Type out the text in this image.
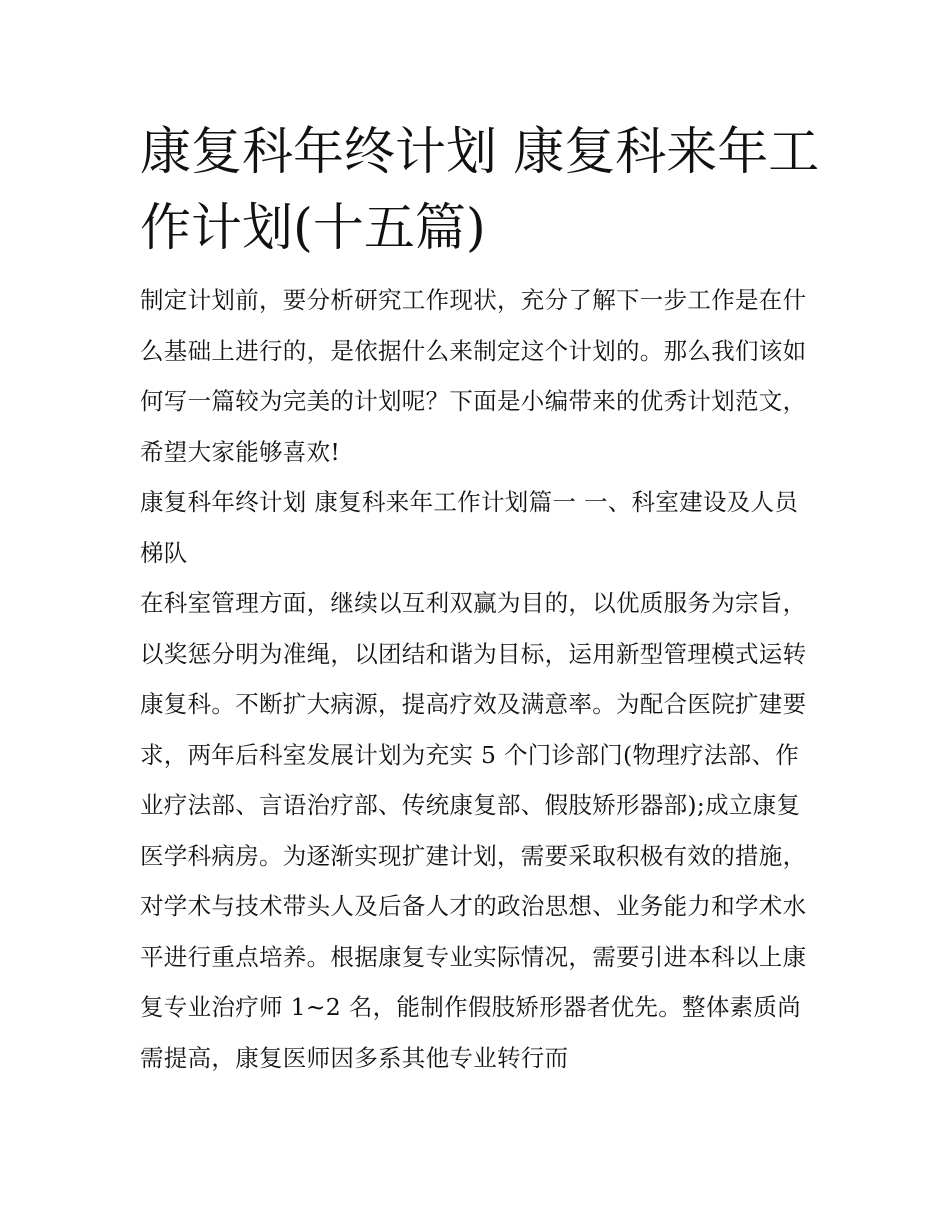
康复科年终计划 康复科来年工作计划(十五篇)

制定计划前，要分析研究工作现状，充分了解下一步工作是在什么基础上进行的，是依据什么来制定这个计划的。那么我们该如何写一篇较为完美的计划呢？下面是小编带来的优秀计划范文，希望大家能够喜欢!

康复科年终计划 康复科来年工作计划篇一 一、科室建设及人员梯队

在科室管理方面，继续以互利双赢为目的，以优质服务为宗旨，以奖惩分明为准绳，以团结和谐为目标，运用新型管理模式运转康复科。不断扩大病源，提高疗效及满意率。为配合医院扩建要求，两年后科室发展计划为充实 5 个门诊部门(物理疗法部、作业疗法部、言语治疗部、传统康复部、假肢矫形器部);成立康复医学科病房。为逐渐实现扩建计划，需要采取积极有效的措施，对学术与技术带头人及后备人才的政治思想、业务能力和学术水平进行重点培养。根据康复专业实际情况，需要引进本科以上康复专业治疗师 1~2 名，能制作假肢矫形器者优先。整体素质尚需提高，康复医师因多系其他专业转行而
